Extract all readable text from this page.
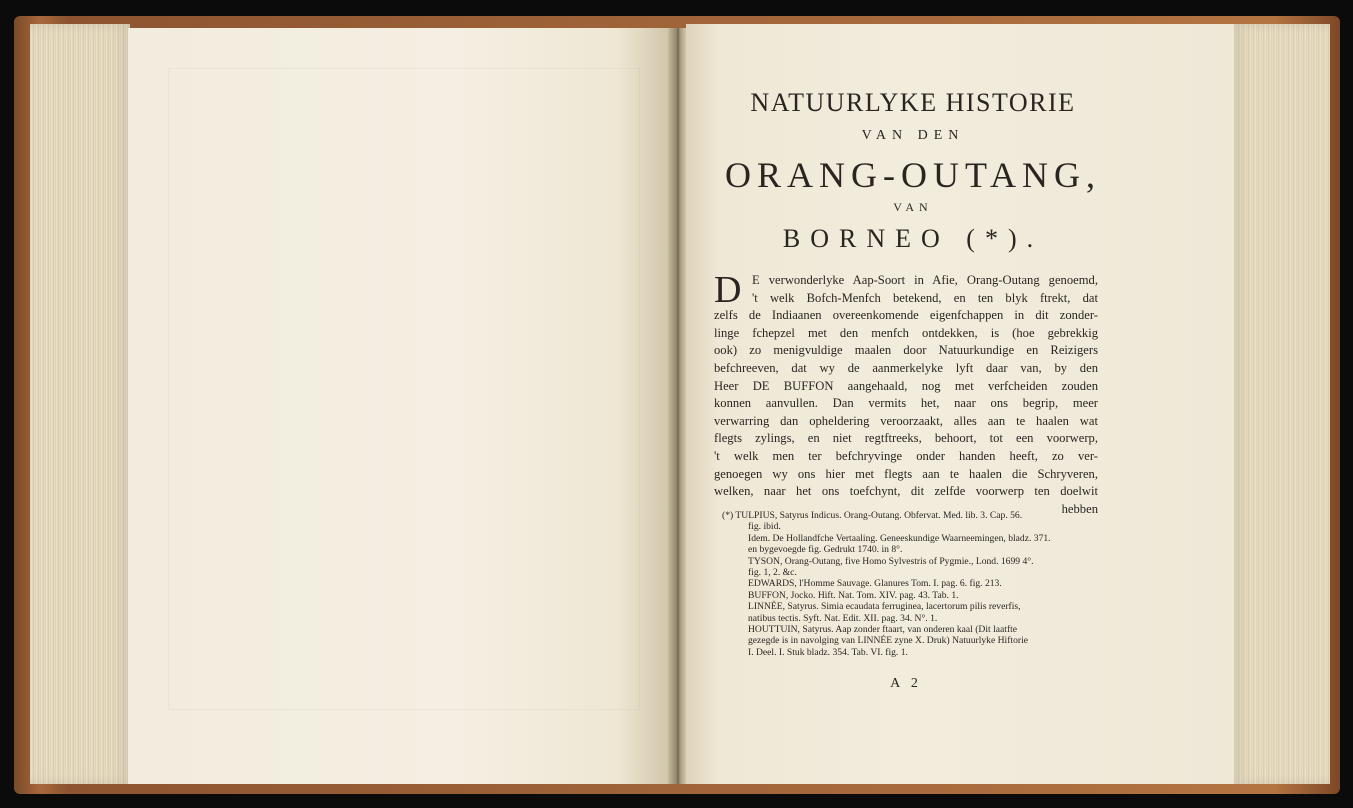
NATUURLYKE HISTORIE
VAN DEN
ORANG-OUTANG,
VAN
BORNEO (*).
D E verwonderlyke Aap-Soort in Afie, Orang-Outang genoemd,
't welk Bofch-Menfch betekend, en ten blyk ftrekt, dat
zelfs de Indiaanen overeenkomende eigenfchappen in dit zonder-
linge fchepzel met den menfch ontdekken, is (hoe gebrekkig
ook) zo menigvuldige maalen door Natuurkundige en Reizigers
befchreeven, dat wy de aanmerkelyke lyft daar van, by den
Heer DE BUFFON aangehaald, nog met verfcheiden zouden
konnen aanvullen. Dan vermits het, naar ons begrip, meer
verwarring dan opheldering veroorzaakt, alles aan te haalen wat
flegts zylings, en niet regtftreeks, behoort, tot een voorwerp,
't welk men ter befchryvinge onder handen heeft, zo ver-
genoegen wy ons hier met flegts aan te haalen die Schryveren,
welken, naar het ons toefchynt, dit zelfde voorwerp ten doelwit
hebben
(*) TULPIUS, Satyrus Indicus. Orang-Outang. Obfervat. Med. lib. 3. Cap. 56.
fig. ibid.
Idem. De Hollandfche Vertaaling. Geneeskundige Waarneemingen, bladz. 371.
en bygevoegde fig. Gedrukt 1740. in 8°.
TYSON, Orang-Outang, five Homo Sylvestris of Pygmie., Lond. 1699 4°.
fig. 1, 2. &c.
EDWARDS, l'Homme Sauvage. Glanures Tom. I. pag. 6. fig. 213.
BUFFON, Jocko. Hift. Nat. Tom. XIV. pag. 43. Tab. 1.
LINNÉE, Satyrus. Simia ecaudata ferruginea, lacertorum pilis reverfis,
natibus tectis. Syft. Nat. Edit. XII. pag. 34. N°. 1.
HOUTTUIN, Satyrus. Aap zonder ftaart, van onderen kaal (Dit laatfte
gezegde is in navolging van LINNÉE zyne X. Druk) Natuurlyke Hiftorie
I. Deel. I. Stuk bladz. 354. Tab. VI. fig. 1.
A 2
